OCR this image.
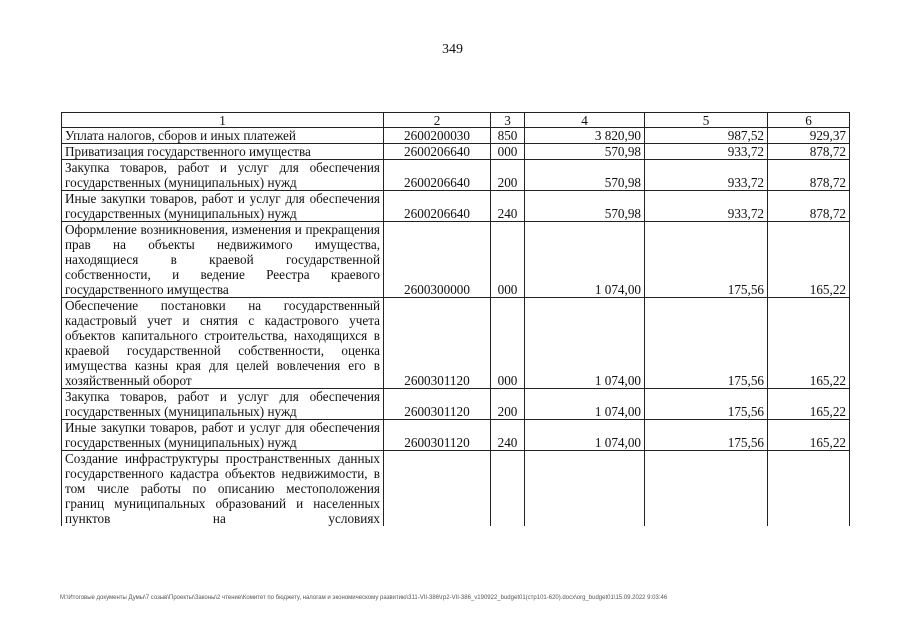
349
1	2	3	4	5	6
Уплата налогов, сборов и иных платежей	2600200030	850	3 820,90	987,52	929,37
Приватизация государственного имущества	2600206640	000	570,98	933,72	878,72
Закупка товаров, работ и услуг для обеспечения государственных (муниципальных) нужд	2600206640	200	570,98	933,72	878,72
Иные закупки товаров, работ и услуг для обеспечения государственных (муниципальных) нужд	2600206640	240	570,98	933,72	878,72
Оформление возникновения, изменения и прекращения прав на объекты недвижимого имущества, находящиеся в краевой государственной собственности, и ведение Реестра краевого государственного имущества	2600300000	000	1 074,00	175,56	165,22
Обеспечение постановки на государственный кадастровый учет и снятия с кадастрового учета объектов капитального строительства, находящихся в краевой государственной собственности, оценка имущества казны края для целей вовлечения его в хозяйственный оборот	2600301120	000	1 074,00	175,56	165,22
Закупка товаров, работ и услуг для обеспечения государственных (муниципальных) нужд	2600301120	200	1 074,00	175,56	165,22
Иные закупки товаров, работ и услуг для обеспечения государственных (муниципальных) нужд	2600301120	240	1 074,00	175,56	165,22
Создание инфраструктуры пространственных данных государственного кадастра объектов недвижимости, в том числе работы по описанию местоположения границ муниципальных образований и населенных пунктов на условиях					
M:\Итоговые документы Думы\7 созыв\Проекты\Законы\2 чтение\Комитет по бюджету, налогам и экономическому развитию\311-VII-386\гр2-VII-386_v190922_budget01(стр101-620).docx\org_budget01\15.09.2022 9:03:46
